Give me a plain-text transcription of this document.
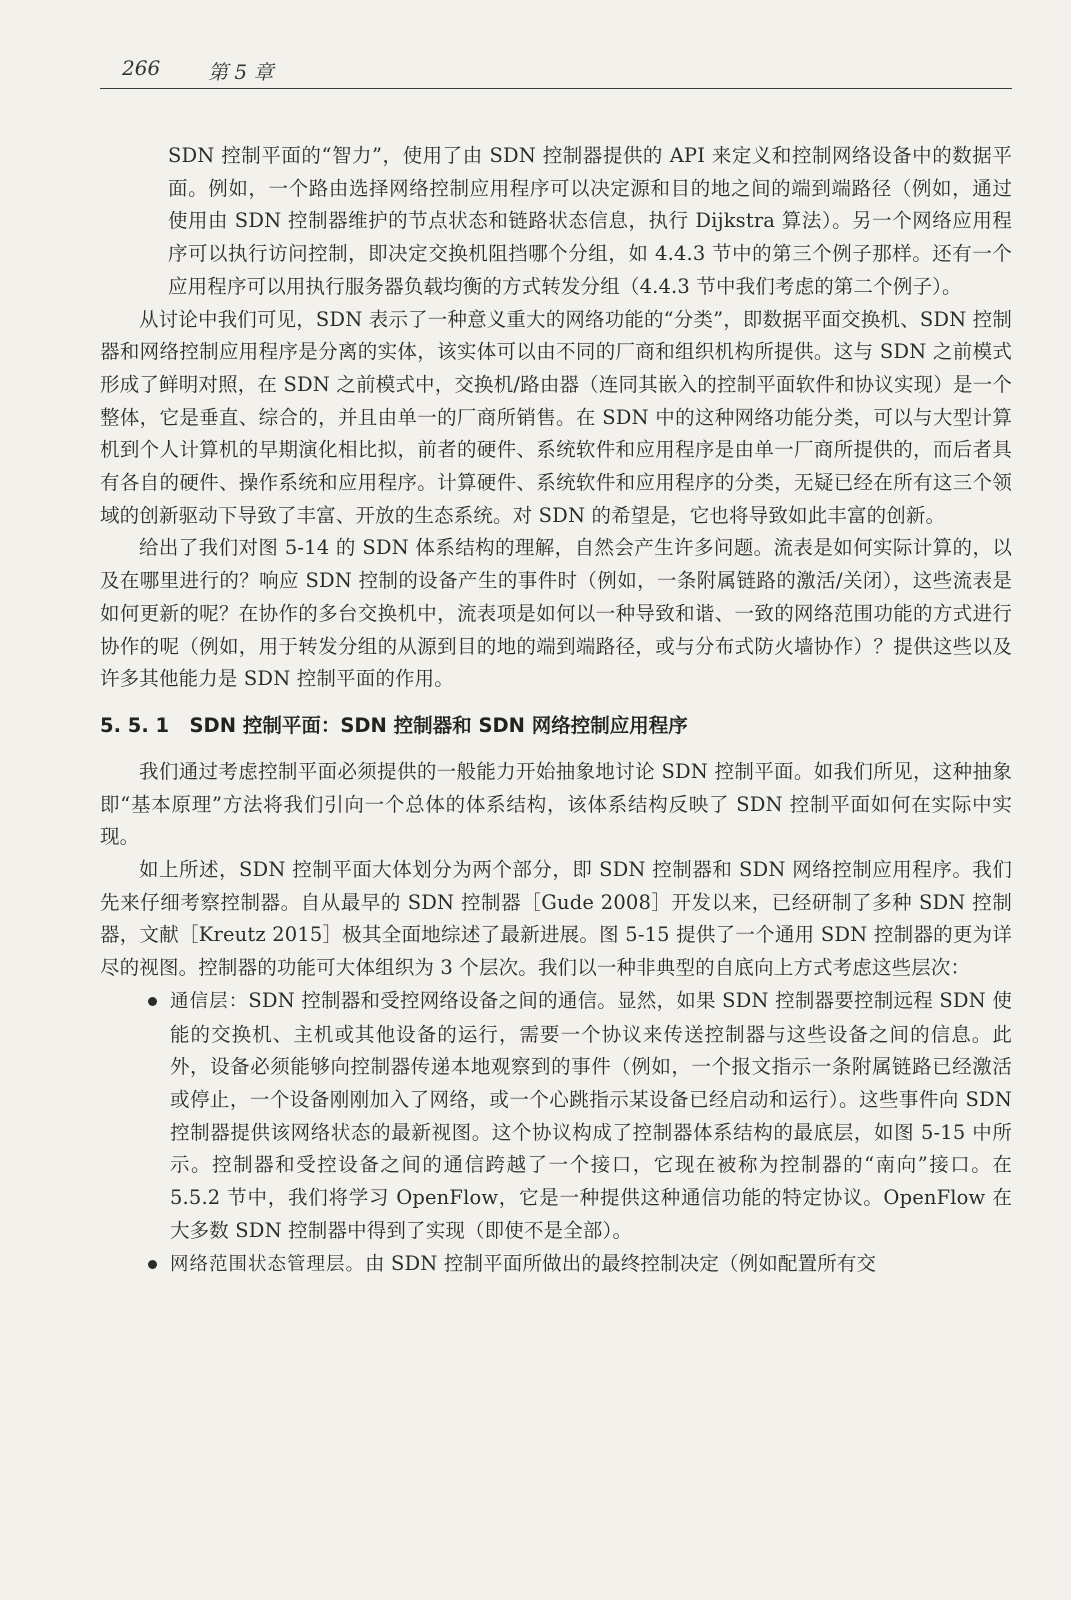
266 第 5 章

SDN 控制平面的“智力”，使用了由 SDN 控制器提供的 API 来定义和控制网络设备中的数据平面。例如，一个路由选择网络控制应用程序可以决定源和目的地之间的端到端路径（例如，通过使用由 SDN 控制器维护的节点状态和链路状态信息，执行 Dijkstra 算法）。另一个网络应用程序可以执行访问控制，即决定交换机阻挡哪个分组，如 4.4.3 节中的第三个例子那样。还有一个应用程序可以用执行服务器负载均衡的方式转发分组（4.4.3 节中我们考虑的第二个例子）。

从讨论中我们可见，SDN 表示了一种意义重大的网络功能的“分类”，即数据平面交换机、SDN 控制器和网络控制应用程序是分离的实体，该实体可以由不同的厂商和组织机构所提供。这与 SDN 之前模式形成了鲜明对照，在 SDN 之前模式中，交换机/路由器（连同其嵌入的控制平面软件和协议实现）是一个整体，它是垂直、综合的，并且由单一的厂商所销售。在 SDN 中的这种网络功能分类，可以与大型计算机到个人计算机的早期演化相比拟，前者的硬件、系统软件和应用程序是由单一厂商所提供的，而后者具有各自的硬件、操作系统和应用程序。计算硬件、系统软件和应用程序的分类，无疑已经在所有这三个领域的创新驱动下导致了丰富、开放的生态系统。对 SDN 的希望是，它也将导致如此丰富的创新。

给出了我们对图 5-14 的 SDN 体系结构的理解，自然会产生许多问题。流表是如何实际计算的，以及在哪里进行的？响应 SDN 控制的设备产生的事件时（例如，一条附属链路的激活/关闭），这些流表是如何更新的呢？在协作的多台交换机中，流表项是如何以一种导致和谐、一致的网络范围功能的方式进行协作的呢（例如，用于转发分组的从源到目的地的端到端路径，或与分布式防火墙协作）？提供这些以及许多其他能力是 SDN 控制平面的作用。

5. 5. 1 SDN 控制平面：SDN 控制器和 SDN 网络控制应用程序

我们通过考虑控制平面必须提供的一般能力开始抽象地讨论 SDN 控制平面。如我们所见，这种抽象即“基本原理”方法将我们引向一个总体的体系结构，该体系结构反映了 SDN 控制平面如何在实际中实现。

如上所述，SDN 控制平面大体划分为两个部分，即 SDN 控制器和 SDN 网络控制应用程序。我们先来仔细考察控制器。自从最早的 SDN 控制器［Gude 2008］开发以来，已经研制了多种 SDN 控制器，文献［Kreutz 2015］极其全面地综述了最新进展。图 5-15 提供了一个通用 SDN 控制器的更为详尽的视图。控制器的功能可大体组织为 3 个层次。我们以一种非典型的自底向上方式考虑这些层次：

通信层：SDN 控制器和受控网络设备之间的通信。显然，如果 SDN 控制器要控制远程 SDN 使能的交换机、主机或其他设备的运行，需要一个协议来传送控制器与这些设备之间的信息。此外，设备必须能够向控制器传递本地观察到的事件（例如，一个报文指示一条附属链路已经激活或停止，一个设备刚刚加入了网络，或一个心跳指示某设备已经启动和运行）。这些事件向 SDN 控制器提供该网络状态的最新视图。这个协议构成了控制器体系结构的最底层，如图 5-15 中所示。控制器和受控设备之间的通信跨越了一个接口，它现在被称为控制器的“南向”接口。在 5.5.2 节中，我们将学习 OpenFlow，它是一种提供这种通信功能的特定协议。OpenFlow 在大多数 SDN 控制器中得到了实现（即使不是全部）。

网络范围状态管理层。由 SDN 控制平面所做出的最终控制决定（例如配置所有交
